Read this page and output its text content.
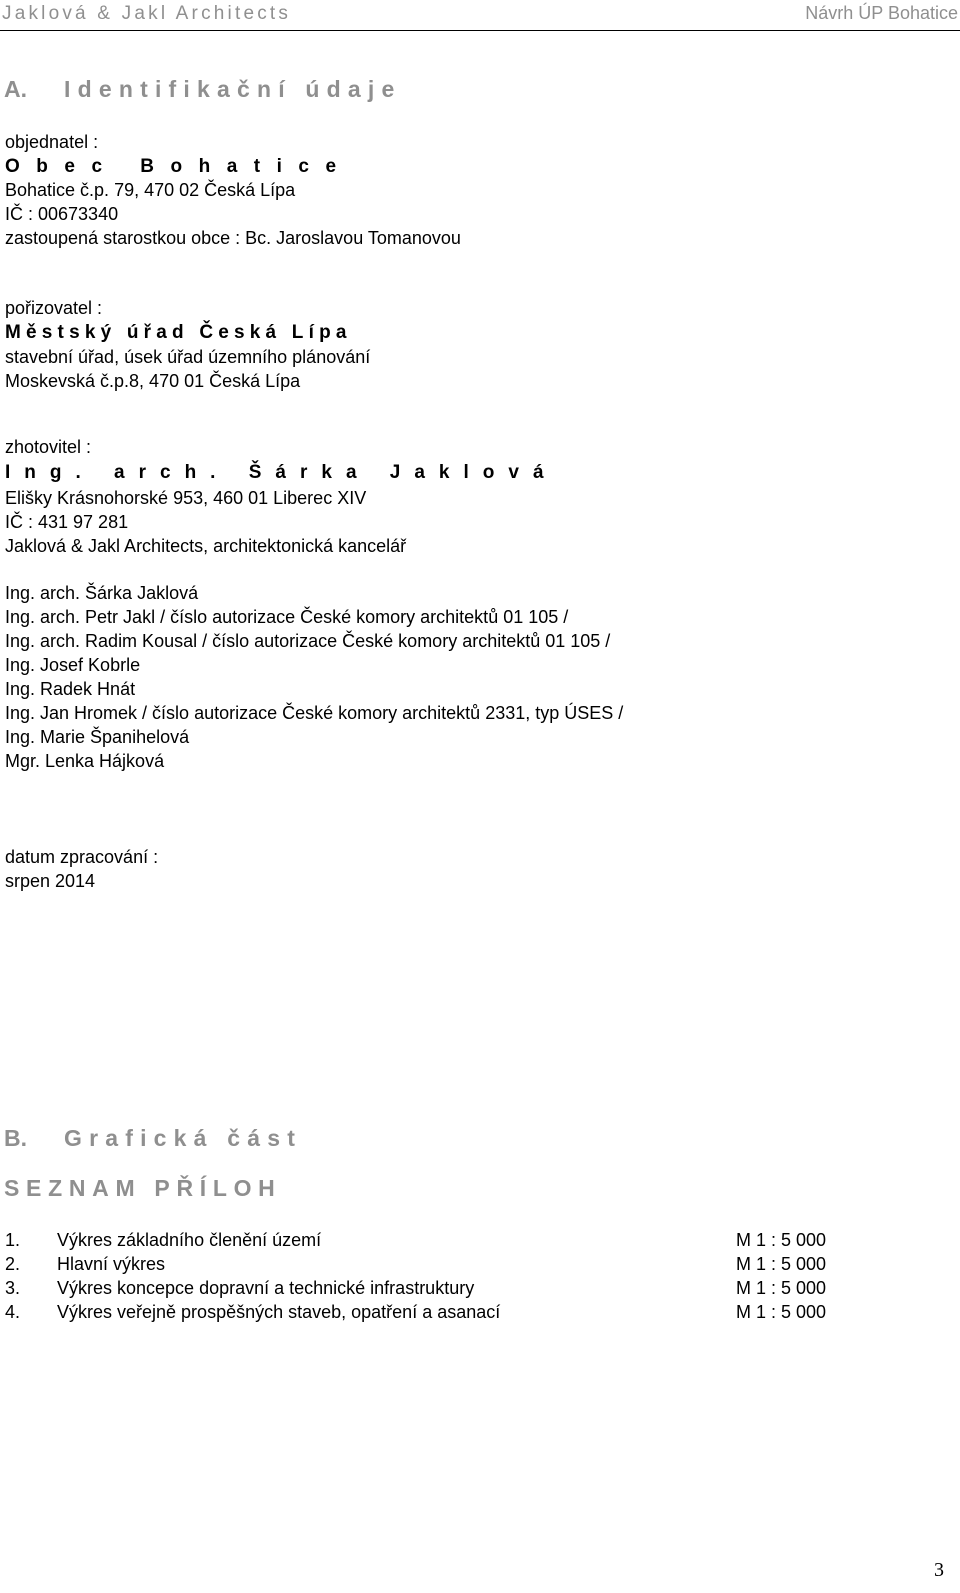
Jaklová & Jakl Architects	Návrh ÚP Bohatice
A. Identifikační údaje
objednatel :
Obec Bohatice
Bohatice č.p. 79, 470 02 Česká Lípa
IČ : 00673340
zastoupená starostkou obce : Bc. Jaroslavou Tomanovou
pořizovatel :
Městský úřad Česká Lípa
stavební úřad, úsek úřad územního plánování
Moskevská č.p.8, 470 01 Česká Lípa
zhotovitel :
Ing. arch. Šárka Jaklová
Elišky Krásnohorské 953, 460 01 Liberec XIV
IČ : 431 97 281
Jaklová & Jakl Architects, architektonická kancelář
Ing. arch. Šárka Jaklová
Ing. arch. Petr Jakl / číslo autorizace České komory architektů 01 105 /
Ing. arch. Radim Kousal / číslo autorizace České komory architektů 01 105 /
Ing. Josef Kobrle
Ing. Radek Hnát
Ing. Jan Hromek / číslo autorizace České komory architektů 2331, typ ÚSES /
Ing. Marie Španihelová
Mgr. Lenka Hájková
datum zpracování :
srpen 2014
B. Grafická část
SEZNAM PŘÍLOH
1. Výkres základního členění území	M 1 : 5 000
2. Hlavní výkres	M 1 : 5 000
3. Výkres koncepce dopravní a technické infrastruktury	M 1 : 5 000
4. Výkres veřejně prospěšných staveb, opatření a asanací	M 1 : 5 000
3
